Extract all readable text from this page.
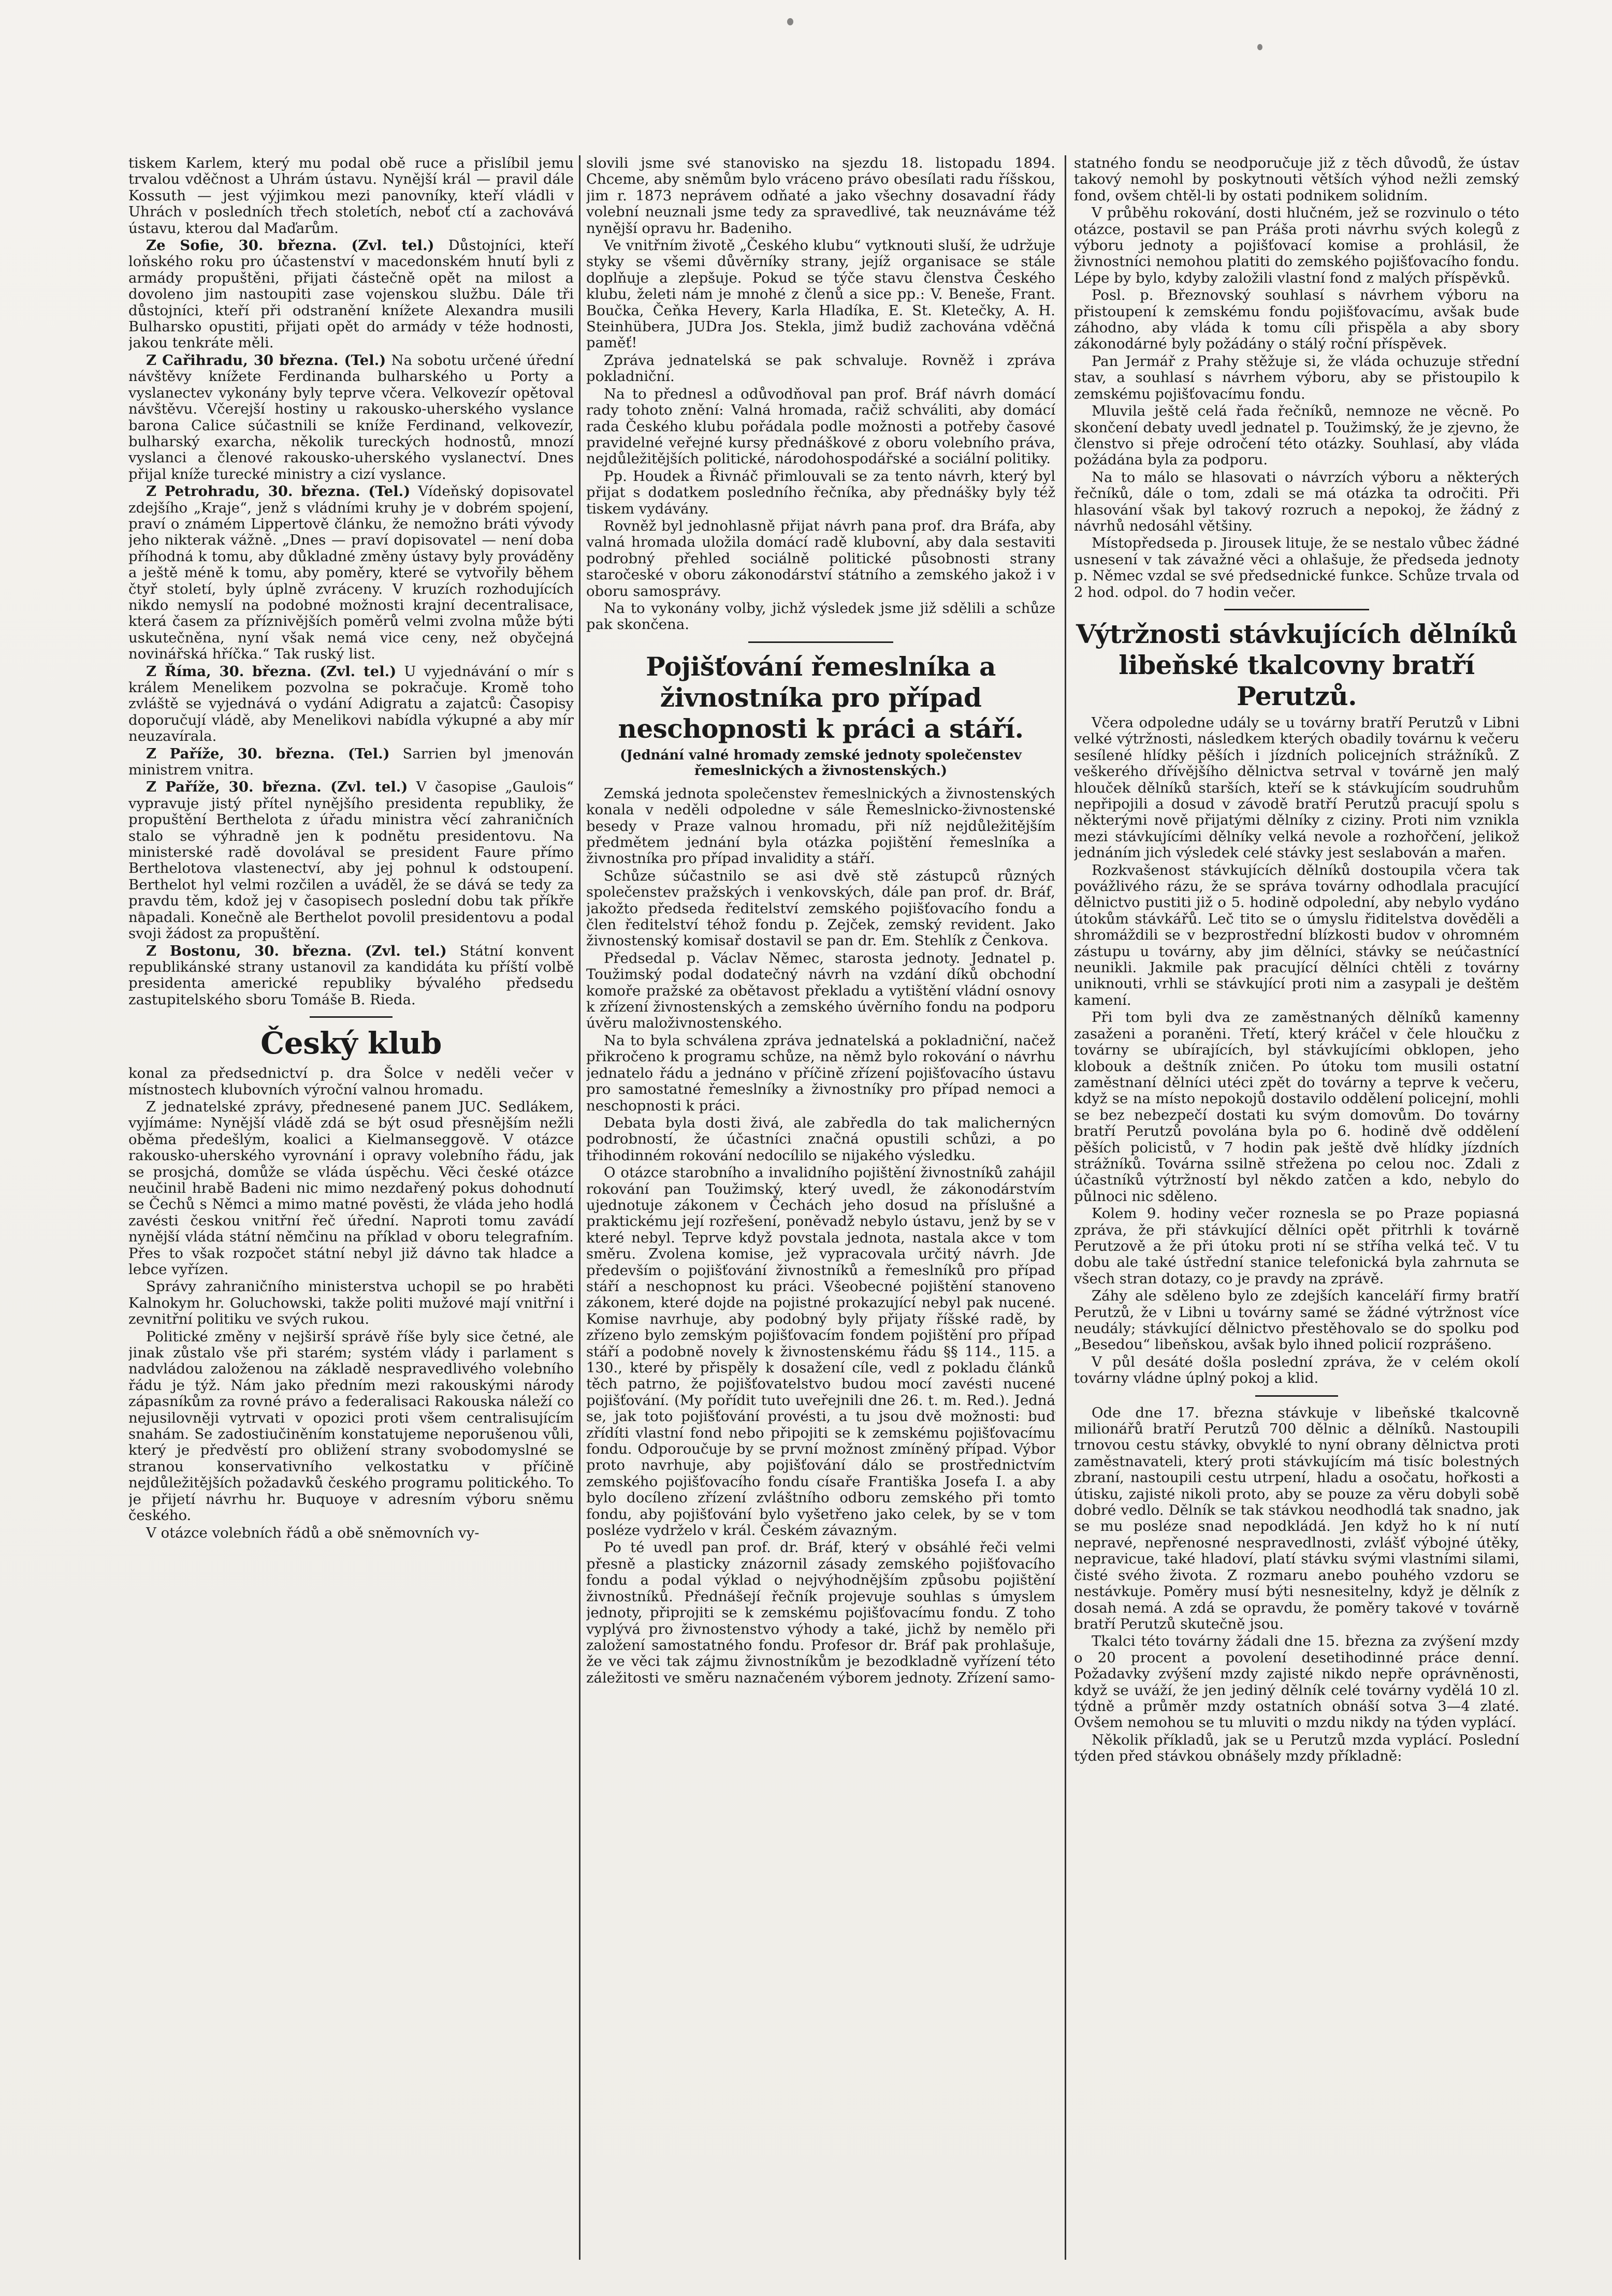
tiskem Karlem, který mu podal obě ruce a přislíbil jemu trvalou vděčnost a Uhrám ústavu. Nynější král — pravil dále Kossuth — jest výjimkou mezi panovníky, kteří vládli v Uhrách v posledních třech stoletích, neboť ctí a zachovává ústavu, kterou dal Maďarům.

Ze Sofie, 30. března. (Zvl. tel.) Důstojníci, kteří loňského roku pro účastenství v macedonském hnutí byli z armády propuštěni, přijati částečně opět na milost a dovoleno jim nastoupiti zase vojenskou službu. Dále tři důstojníci, kteří při odstranění knížete Alexandra musili Bulharsko opustiti, přijati opět do armády v téže hodnosti, jakou tenkráte měli.

Z Cařihradu, 30 března. (Tel.) Na sobotu určené úřední návštěvy knížete Ferdinanda bulharského u Porty a vyslanectev vykonány byly teprve včera. Velkovezír opětoval návštěvu. Včerejší hostiny u rakousko-uherského vyslance barona Calice súčastnili se kníže Ferdinand, velkovezír, bulharský exarcha, několik tureckých hodnostů, mnozí vyslanci a členové rakousko-uherského vyslanectví. Dnes přijal kníže turecké ministry a cizí vyslance.

Z Petrohradu, 30. března. (Tel.) Vídeňský dopisovatel zdejšího „Kraje“, jenž s vládními kruhy je v dobrém spojení, praví o známém Lippertově článku, že nemožno bráti vývody jeho nikterak vážně. „Dnes — praví dopisovatel — není doba příhodná k tomu, aby důkladné změny ústavy byly prováděny a ještě méně k tomu, aby poměry, které se vytvořily během čtyř století, byly úplně zvráceny. V kruzích rozhodujících nikdo nemyslí na podobné možnosti krajní decentralisace, která časem za příznivějších poměrů velmi zvolna může býti uskutečněna, nyní však nemá vice ceny, než obyčejná novinářská hříčka.“ Tak ruský list.

Z Říma, 30. března. (Zvl. tel.) U vyjednávání o mír s králem Menelikem pozvolna se pokračuje. Kromě toho zvláště se vyjednává o vydání Adigratu a zajatců: Časopisy doporučují vládě, aby Menelikovi nabídla výkupné a aby mír neuzavírala.

Z Paříže, 30. března. (Tel.) Sarrien byl jmenován ministrem vnitra.

Z Paříže, 30. března. (Zvl. tel.) V časopise „Gaulois“ vypravuje jistý přítel nynějšího presidenta republiky, že propuštění Berthelota z úřadu ministra věcí zahraničních stalo se výhradně jen k podnětu presidentovu. Na ministerské radě dovolával se president Faure přímo Berthelotova vlastenectví, aby jej pohnul k odstoupení. Berthelot hyl velmi rozčilen a uváděl, že se dává se tedy za pravdu těm, kdož jej v časopisech poslední dobu tak příkře napadali. Konečně ale Berthelot povolil presidentovu a podal svoji žádost za propuštění.

Z Bostonu, 30. března. (Zvl. tel.) Státní konvent republikánské strany ustanovil za kandidáta ku příští volbě presidenta americké republiky bývalého předsedu zastupitelského sboru Tomáše B. Rieda.

Český klub

konal za předsednictví p. dra Šolce v neděli večer v místnostech klubovních výroční valnou hromadu.

Z jednatelské zprávy, přednesené panem JUC. Sedlákem, vyjímáme: Nynější vládě zdá se být osud přesnějším nežli oběma předešlým, koalici a Kielmanseggově. V otázce rakousko-uherského vyrovnání i opravy volebního řádu, jak se prosjchá, domůže se vláda úspěchu. Věci české otázce neučinil hrabě Badeni nic mimo nezdařený pokus dohodnutí se Čechů s Němci a mimo matné pověsti, že vláda jeho hodlá zavésti českou vnitřní řeč úřední. Naproti tomu zavádí nynější vláda státní němčinu na příklad v oboru telegrafním. Přes to však rozpočet státní nebyl již dávno tak hladce a lebce vyřízen.

Správy zahraničního ministerstva uchopil se po hraběti Kalnokym hr. Goluchowski, takže politi mužové mají vnitřní i zevnitřní politiku ve svých rukou.

Politické změny v nejširší správě říše byly sice četné, ale jinak zůstalo vše při starém; systém vlády i parlament s nadvládou založenou na základě nespravedlivého volebního řádu je týž. Nám jako předním mezi rakouskými národy zápasníkům za rovné právo a federalisaci Rakouska náleží co nejusilovněji vytrvati v opozici proti všem centralisujícím snahám. Se zadostiučiněním konstatujeme neporušenou vůli, který je předvěstí pro obližení strany svobodomyslné se stranou konservativního velkostatku v příčině nejdůležitějších požadavků českého programu politického. To je přijetí návrhu hr. Buquoye v adresním výboru sněmu českého.

V otázce volebních řádů a obě sněmovních vy-

slovili jsme své stanovisko na sjezdu 18. listopadu 1894. Chceme, aby sněmům bylo vráceno právo obesílati radu říšskou, jim r. 1873 neprávem odňaté a jako všechny dosavadní řády volební neuznali jsme tedy za spravedlivé, tak neuznáváme též nynější opravu hr. Badeniho.

Ve vnitřním životě „Českého klubu“ vytknouti sluší, že udržuje styky se všemi důvěrníky strany, jejíž organisace se stále doplňuje a zlepšuje. Pokud se týče stavu členstva Českého klubu, želeti nám je mnohé z členů a sice pp.: V. Beneše, Frant. Boučka, Čeňka Hevery, Karla Hladíka, E. St. Kletečky, A. H. Steinhübera, JUDra Jos. Stekla, jimž budiž zachována vděčná paměť!

Zpráva jednatelská se pak schvaluje. Rovněž i zpráva pokladniční.

Na to přednesl a odůvodňoval pan prof. Bráf návrh domácí rady tohoto znění: Valná hromada, račiž schváliti, aby domácí rada Českého klubu pořádala podle možnosti a potřeby časové pravidelné veřejné kursy přednáškové z oboru volebního práva, nejdůležitějších politické, národohospodářské a sociální politiky.

Pp. Houdek a Řivnáč přimlouvali se za tento návrh, který byl přijat s dodatkem posledního řečníka, aby přednášky byly též tiskem vydávány.

Rovněž byl jednohlasně přijat návrh pana prof. dra Bráfa, aby valná hromada uložila domácí radě klubovní, aby dala sestaviti podrobný přehled sociálně politické působnosti strany staročeské v oboru zákonodárství státního a zemského jakož i v oboru samosprávy.

Na to vykonány volby, jichž výsledek jsme již sdělili a schůze pak skončena.

Pojišťování řemeslníka a živnostníka pro případ neschopnosti k práci a stáří.
(Jednání valné hromady zemské jednoty společenstev řemeslnických a živnostenských.)

Zemská jednota společenstev řemeslnických a živnostenských konala v neděli odpoledne v sále Řemeslnicko-živnostenské besedy v Praze valnou hromadu, při níž nejdůležitějším předmětem jednání byla otázka pojištění řemeslníka a živnostníka pro případ invalidity a stáří.

Schůze súčastnilo se asi dvě stě zástupců různých společenstev pražských i venkovských, dále pan prof. dr. Bráf, jakožto předseda ředitelství zemského pojišťovacího fondu a člen ředitelství téhož fondu p. Zejček, zemský revident. Jako živnostenský komisař dostavil se pan dr. Em. Stehlík z Čenkova.

Předsedal p. Václav Němec, starosta jednoty. Jednatel p. Toužimský podal dodatečný návrh na vzdání díků obchodní komoře pražské za obětavost překladu a vytištění vládní osnovy k zřízení živnostenských a zemského úvěrního fondu na podporu úvěru maloživnostenského.

Na to byla schválena zpráva jednatelská a pokladniční, načež přikročeno k programu schůze, na němž bylo rokování o návrhu jednatelo řádu a jednáno v příčině zřízení pojišťovacího ústavu pro samostatné řemeslníky a živnostníky pro případ nemoci a neschopnosti k práci.

Debata byla dosti živá, ale zabředla do tak malichernýcn podrobností, že účastníci značná opustili schůzi, a po třihodinném rokování nedocílilo se nijakého výsledku.

O otázce starobního a invalidního pojištění živnostníků zahájil rokování pan Toužimský, který uvedl, že zákonodárstvím ujednotuje zákonem v Čechách jeho dosud na příslušné a praktickému její rozřešení, poněvadž nebylo ústavu, jenž by se v které nebyl. Teprve když povstala jednota, nastala akce v tom směru. Zvolena komise, jež vypracovala určitý návrh. Jde především o pojišťování živnostníků a řemeslníků pro případ stáří a neschopnost ku práci. Všeobecné pojištění stanoveno zákonem, které dojde na pojistné prokazující nebyl pak nucené. Komise navrhuje, aby podobný byly přijaty říšské radě, by zřízeno bylo zemským pojišťovacím fondem pojištění pro případ stáří a podobně novely k živnostenskému řádu §§ 114., 115. a 130., které by přispěly k dosažení cíle, vedl z pokladu článků těch patrno, že pojišťovatelstvo budou mocí zavésti nucené pojišťování. (My pořídit tuto uveřejnili dne 26. t. m. Red.). Jedná se, jak toto pojišťování provésti, a tu jsou dvě možnosti: buď zřídíti vlastní fond nebo připojiti se k zemskému pojišťovacímu fondu. Odporoučuje by se první možnost zmíněný případ. Výbor proto navrhuje, aby pojišťování dálo se prostřednictvím zemského pojišťovacího fondu císaře Františka Josefa I. a aby bylo docíleno zřízení zvláštního odboru zemského při tomto fondu, aby pojišťování bylo vyšetřeno jako celek, by se v tom posléze vydrželo v král. Českém závazným.

Po té uvedl pan prof. dr. Bráf, který v obsáhlé řeči velmi přesně a plasticky znázornil zásady zemského pojišťovacího fondu a podal výklad o nejvýhodnějším způsobu pojištění živnostníků. Přednášejí řečník projevuje souhlas s úmyslem jednoty, připrojiti se k zemskému pojišťovacímu fondu. Z toho vyplývá pro živnostenstvo výhody a také, jichž by nemělo při založení samostatného fondu. Profesor dr. Bráf pak prohlašuje, že ve věci tak zájmu živnostníkům je bezodkladně vyřízení této záležitosti ve směru naznačeném výborem jednoty. Zřízení samo-

statného fondu se neodporučuje již z těch důvodů, že ústav takový nemohl by poskytnouti větších výhod nežli zemský fond, ovšem chtěl-li by ostati podnikem solidním.

V průběhu rokování, dosti hlučném, jež se rozvinulo o této otázce, postavil se pan Práša proti návrhu svých kolegů z výboru jednoty a pojišťovací komise a prohlásil, že živnostníci nemohou platiti do zemského pojišťovacího fondu. Lépe by bylo, kdyby založili vlastní fond z malých příspěvků.

Posl. p. Březnovský souhlasí s návrhem výboru na přistoupení k zemskému fondu pojišťovacímu, avšak bude záhodno, aby vláda k tomu cíli přispěla a aby sbory zákonodárné byly požádány o stálý roční příspěvek.

Pan Jermář z Prahy stěžuje si, že vláda ochuzuje střední stav, a souhlasí s návrhem výboru, aby se přistoupilo k zemskému pojišťovacímu fondu.

Mluvila ještě celá řada řečníků, nemnoze ne věcně. Po skončení debaty uvedl jednatel p. Toužimský, že je zjevno, že členstvo si přeje odročení této otázky. Souhlasí, aby vláda požádána byla za podporu.

Na to málo se hlasovati o návrzích výboru a některých řečníků, dále o tom, zdali se má otázka ta odročiti. Při hlasování však byl takový rozruch a nepokoj, že žádný z návrhů nedosáhl většiny.

Místopředseda p. Jirousek lituje, že se nestalo vůbec žádné usnesení v tak závažné věci a ohlašuje, že předseda jednoty p. Němec vzdal se své předsednické funkce. Schůze trvala od 2 hod. odpol. do 7 hodin večer.

Výtržnosti stávkujících dělníků libeňské tkalcovny bratří Perutzů.

Včera odpoledne udály se u továrny bratří Perutzů v Libni velké výtržnosti, následkem kterých obadily továrnu k večeru sesílené hlídky pěších i jízdních policejních strážníků. Z veškerého dřívějšího dělnictva setrval v továrně jen malý hlouček dělníků starších, kteří se k stávkujícím soudruhům nepřipojili a dosud v závodě bratří Perutzů pracují spolu s některými nově přijatými dělníky z ciziny. Proti nim vznikla mezi stávkujícími dělníky velká nevole a rozhořčení, jelikož jednáním jich výsledek celé stávky jest seslabován a mařen.

Rozkvašenost stávkujících dělníků dostoupila včera tak povážlivého rázu, že se správa továrny odhodlala pracující dělnictvo pustiti již o 5. hodině odpolední, aby nebylo vydáno útokům stávkářů. Leč tito se o úmyslu řiditelstva dověděli a shromáždili se v bezprostřední blízkosti budov v ohromném zástupu u továrny, aby jim dělníci, stávky se neúčastnící neunikli. Jakmile pak pracující dělníci chtěli z továrny uniknouti, vrhli se stávkující proti nim a zasypali je deštěm kamení.

Při tom byli dva ze zaměstnaných dělníků kamenny zasaženi a poraněni. Třetí, který kráčel v čele hloučku z továrny se ubírajících, byl stávkujícími obklopen, jeho klobouk a deštník zničen. Po útoku tom musili ostatní zaměstnaní dělníci utéci zpět do továrny a teprve k večeru, když se na místo nepokojů dostavilo oddělení policejní, mohli se bez nebezpečí dostati ku svým domovům. Do továrny bratří Perutzů povolána byla po 6. hodině dvě oddělení pěších policistů, v 7 hodin pak ještě dvě hlídky jízdních strážníků. Továrna ssilně střežena po celou noc. Zdali z účastníků výtržností byl někdo zatčen a kdo, nebylo do půlnoci nic sděleno.

Kolem 9. hodiny večer roznesla se po Praze popiasná zpráva, že při stávkující dělníci opět přitrhli k továrně Perutzově a že při útoku proti ní se stříha velká teč. V tu dobu ale také ústřední stanice telefonická byla zahrnuta se všech stran dotazy, co je pravdy na zprávě.

Záhy ale sděleno bylo ze zdejších kanceláří firmy bratří Perutzů, že v Libni u továrny samé se žádné výtržnost více neudály; stávkující dělnictvo přestěhovalo se do spolku pod „Besedou“ libeňskou, avšak bylo ihned policií rozprášeno.

V půl desáté došla poslední zpráva, že v celém okolí továrny vládne úplný pokoj a klid.

Ode dne 17. března stávkuje v libeňské tkalcovně milionářů bratří Perutzů 700 dělnic a dělníků. Nastoupili trnovou cestu stávky, obvyklé to nyní obrany dělnictva proti zaměstnavateli, který proti stávkujícím má tisíc bolestných zbraní, nastoupili cestu utrpení, hladu a osočatu, hořkosti a útisku, zajisté nikoli proto, aby se pouze za věru dobyli sobě dobré vedlo. Dělník se tak stávkou neodhodlá tak snadno, jak se mu posléze snad nepodkládá. Jen když ho k ní nutí nepravé, nepřenosné nespravedlnosti, zvlášť výbojné útěky, nepravicue, také hladoví, platí stávku svými vlastními silami, čisté svého života. Z rozmaru anebo pouhého vzdoru se nestávkuje. Poměry musí býti nesnesitelny, když je dělník z dosah nemá. A zdá se opravdu, že poměry takové v továrně bratří Perutzů skutečně jsou.

Tkalci této továrny žádali dne 15. března za zvýšení mzdy o 20 procent a povolení desetihodinné práce denní. Požadavky zvýšení mzdy zajisté nikdo nepře oprávněnosti, když se uváží, že jen jediný dělník celé továrny vydělá 10 zl. týdně a průměr mzdy ostatních obnáší sotva 3—4 zlaté. Ovšem nemohou se tu mluviti o mzdu nikdy na týden vyplácí.

Několik příkladů, jak se u Perutzů mzda vyplácí. Poslední týden před stávkou obnášely mzdy příkladně:
